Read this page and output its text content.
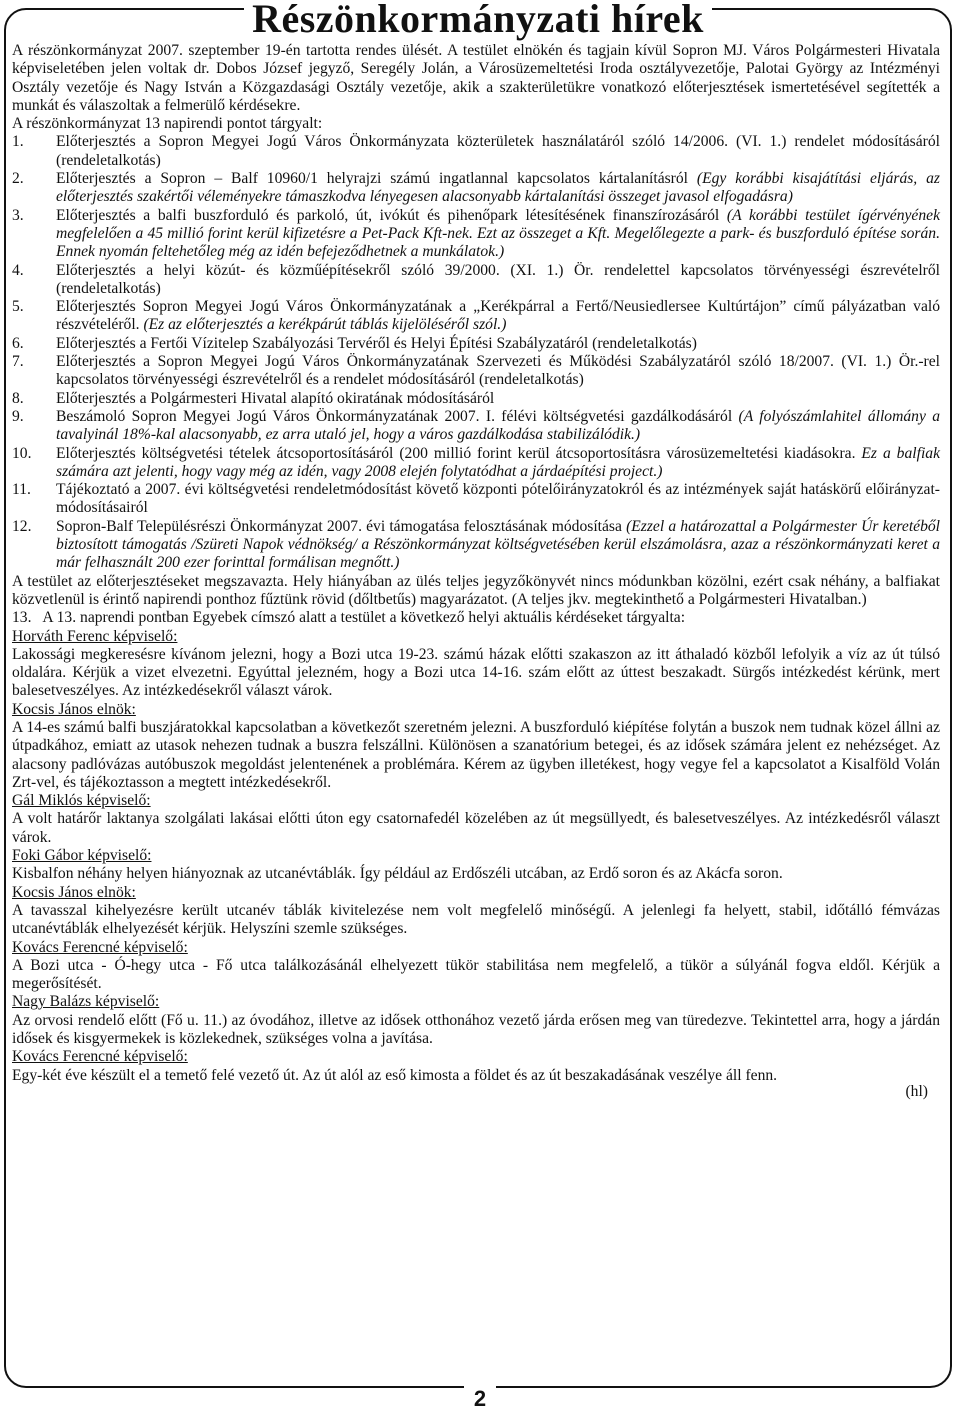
Részönkormányzati hírek

A részönkormányzat 2007. szeptember 19-én tartotta rendes ülését. A testület elnökén és tagjain kívül Sopron MJ. Város Polgármesteri Hivatala képviseletében jelen voltak dr. Dobos József jegyző, Seregély Jolán, a Városüzemeltetési Iroda osztályvezetője, Palotai György az Intézményi Osztály vezetője és Nagy István a Közgazdasági Osztály vezetője, akik a szakterületükre vonatkozó előterjesztések ismertetésével segítették a munkát és válaszoltak a felmerülő kérdésekre.

A részönkormányzat 13 napirendi pontot tárgyalt:

1.	Előterjesztés a Sopron Megyei Jogú Város Önkormányzata közterületek használatáról szóló 14/2006. (VI. 1.) rendelet módosításáról (rendeletalkotás)
2.	Előterjesztés a Sopron – Balf 10960/1 helyrajzi számú ingatlannal kapcsolatos kártalanításról (Egy korábbi kisajátítási eljárás, az előterjesztés szakértői véleményekre támaszkodva lényegesen alacsonyabb kártalanítási összeget javasol elfogadásra)
3.	Előterjesztés a balfi buszforduló és parkoló, út, ivókút és pihenőpark létesítésének finanszírozásáról (A korábbi testület ígérvényének megfelelően a 45 millió forint kerül kifizetésre a Pet-Pack Kft-nek. Ezt az összeget a Kft. Megelőlegezte a park- és buszforduló építése során. Ennek nyomán feltehetőleg még az idén befejeződhetnek a munkálatok.)
4.	Előterjesztés a helyi közút- és közműépítésekről szóló 39/2000. (XI. 1.) Ör. rendelettel kapcsolatos törvényességi észrevételről (rendeletalkotás)
5.	Előterjesztés Sopron Megyei Jogú Város Önkormányzatának a „Kerékpárral a Fertő/Neusiedlersee Kultúrtájon” című pályázatban való részvételéről. (Ez az előterjesztés a kerékpárút táblás kijelöléséről szól.)
6.	Előterjesztés a Fertői Vízitelep Szabályozási Tervéről és Helyi Építési Szabályzatáról (rendeletalkotás)
7.	Előterjesztés a Sopron Megyei Jogú Város Önkormányzatának Szervezeti és Működési Szabályzatáról szóló 18/2007. (VI. 1.) Ör.-rel kapcsolatos törvényességi észrevételről és a rendelet módosításáról (rendeletalkotás)
8.	Előterjesztés a Polgármesteri Hivatal alapító okiratának módosításáról
9.	Beszámoló Sopron Megyei Jogú Város Önkormányzatának 2007. I. félévi költségvetési gazdálkodásáról (A folyószámlahitel állomány a tavalyinál 18%-kal alacsonyabb, ez arra utaló jel, hogy a város gazdálkodása stabilizálódik.)
10.	Előterjesztés költségvetési tételek átcsoportosításáról (200 millió forint kerül átcsoportosításra városüzemeltetési kiadásokra. Ez a balfiak számára azt jelenti, hogy vagy még az idén, vagy 2008 elején folytatódhat a járdaépítési project.)
11.	Tájékoztató a 2007. évi költségvetési rendeletmódosítást követő központi pótelőirányzatokról és az intézmények saját hatáskörű előirányzat-módosításairól
12.	Sopron-Balf Településrészi Önkormányzat 2007. évi támogatása felosztásának módosítása (Ezzel a határozattal a Polgármester Úr keretéből biztosított támogatás /Szüreti Napok védnökség/ a Részönkormányzat költségvetésében kerül elszámolásra, azaz a részönkormányzati keret a már felhasznált 200 ezer forinttal formálisan megnőtt.)

A testület az előterjesztéseket megszavazta. Hely hiányában az ülés teljes jegyzőkönyvét nincs módunkban közölni, ezért csak néhány, a balfiakat közvetlenül is érintő napirendi ponthoz fűztünk rövid (dőltbetűs) magyarázatot. (A teljes jkv. megtekinthető a Polgármesteri Hivatalban.)

13.   A 13. naprendi pontban Egyebek címszó alatt a testület a következő helyi aktuális kérdéseket tárgyalta:

Horváth Ferenc képviselő:

Lakossági megkeresésre kívánom jelezni, hogy a Bozi utca 19-23. számú házak előtti szakaszon az itt áthaladó közből lefolyik a víz az út túlsó oldalára. Kérjük a vizet elvezetni. Egyúttal jelezném, hogy a Bozi utca 14-16. szám előtt az úttest beszakadt. Sürgős intézkedést kérünk, mert balesetveszélyes. Az intézkedésekről választ várok.

Kocsis János elnök:

A 14-es számú balfi buszjáratokkal kapcsolatban a következőt szeretném jelezni. A buszforduló kiépítése folytán a buszok nem tudnak közel állni az útpadkához, emiatt az utasok nehezen tudnak a buszra felszállni. Különösen a szanatórium betegei, és az idősek számára jelent ez nehézséget. Az alacsony padlóvázas autóbuszok megoldást jelentenének a problémára. Kérem az ügyben illetékest, hogy vegye fel a kapcsolatot a Kisalföld Volán Zrt-vel, és tájékoztasson a megtett intézkedésekről.

Gál Miklós képviselő:

A volt határőr laktanya szolgálati lakásai előtti úton egy csatornafedél közelében az út megsüllyedt, és balesetveszélyes. Az intézkedésről választ várok.

Foki Gábor képviselő:

Kisbalfon néhány helyen hiányoznak az utcanévtáblák. Így például az Erdőszéli utcában, az Erdő soron és az Akácfa soron.

Kocsis János elnök:

A tavasszal kihelyezésre került utcanév táblák kivitelezése nem volt megfelelő minőségű. A jelenlegi fa helyett, stabil, időtálló fémvázas utcanévtáblák elhelyezését kérjük. Helyszíni szemle szükséges.

Kovács Ferencné képviselő:

A Bozi utca - Ó-hegy utca - Fő utca találkozásánál elhelyezett tükör stabilitása nem megfelelő, a tükör a súlyánál fogva eldől. Kérjük a megerősítését.

Nagy Balázs képviselő:

Az orvosi rendelő előtt (Fő u. 11.) az óvodához, illetve az idősek otthonához vezető járda erősen meg van türedezve. Tekintettel arra, hogy a járdán idősek és kisgyermekek is közlekednek, szükséges volna a javítása.

Kovács Ferencné képviselő:

Egy-két éve készült el a temető felé vezető út. Az út alól az eső kimosta a földet és az út beszakadásának veszélye áll fenn.

(hl)
2
